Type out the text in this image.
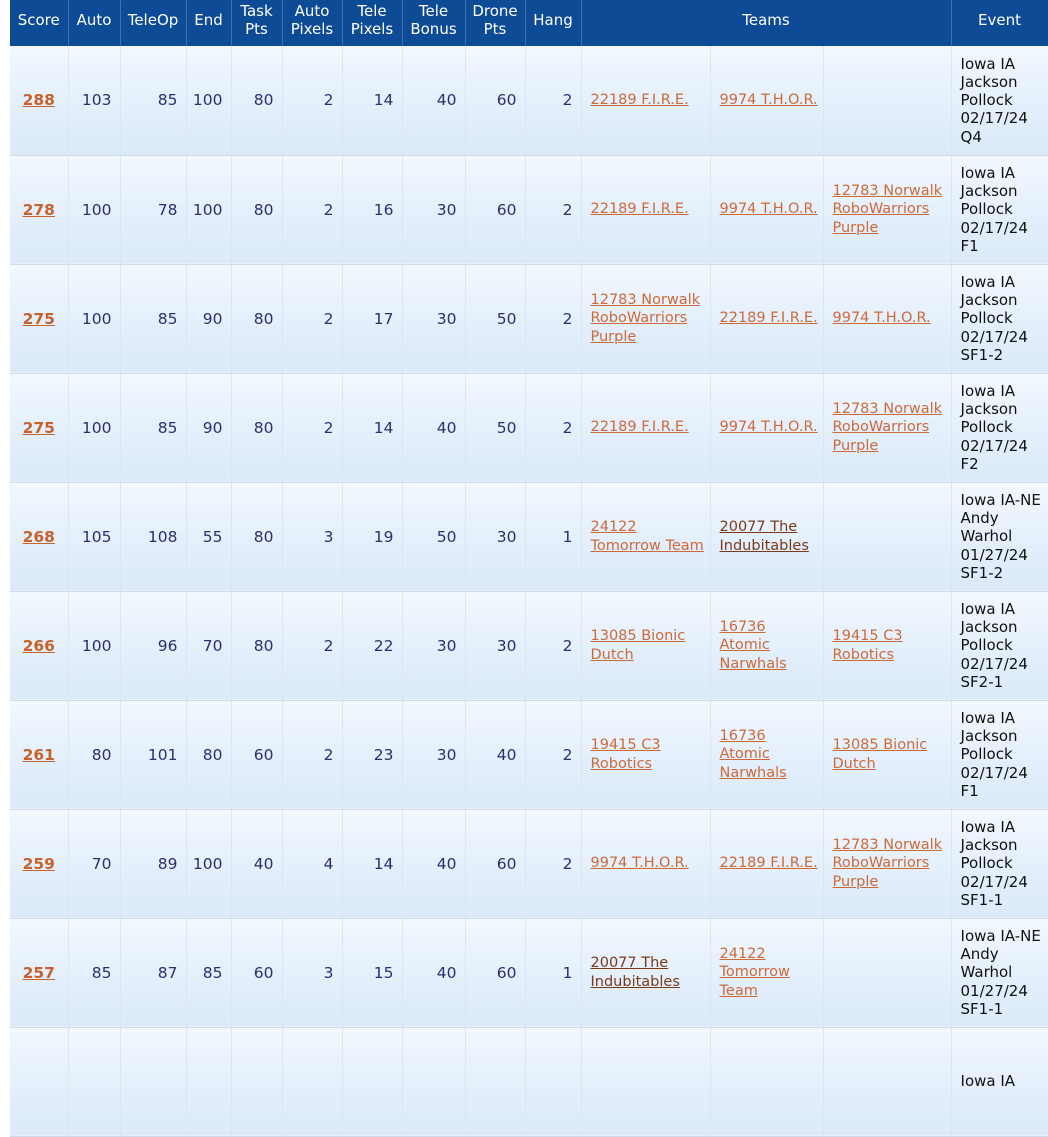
Score	Auto	TeleOp	End	Task Pts	Auto Pixels	Tele Pixels	Tele Bonus	Drone Pts	Hang	Teams			Event
288	103	85	100	80	2	14	40	60	2	22189 F.I.R.E.	9974 T.H.O.R.		Iowa IA
Jackson
Pollock
02/17/24
Q4
278	100	78	100	80	2	16	30	60	2	22189 F.I.R.E.	9974 T.H.O.R.	12783 Norwalk RoboWarriors Purple	Iowa IA
Jackson
Pollock
02/17/24
F1
275	100	85	90	80	2	17	30	50	2	12783 Norwalk RoboWarriors Purple	22189 F.I.R.E.	9974 T.H.O.R.	Iowa IA
Jackson
Pollock
02/17/24
SF1-2
275	100	85	90	80	2	14	40	50	2	22189 F.I.R.E.	9974 T.H.O.R.	12783 Norwalk RoboWarriors Purple	Iowa IA
Jackson
Pollock
02/17/24
F2
268	105	108	55	80	3	19	50	30	1	24122 Tomorrow Team	20077 The Indubitables		Iowa IA-NE
Andy
Warhol
01/27/24
SF1-2
266	100	96	70	80	2	22	30	30	2	13085 Bionic Dutch	16736 Atomic Narwhals	19415 C3 Robotics	Iowa IA
Jackson
Pollock
02/17/24
SF2-1
261	80	101	80	60	2	23	30	40	2	19415 C3 Robotics	16736 Atomic Narwhals	13085 Bionic Dutch	Iowa IA
Jackson
Pollock
02/17/24
F1
259	70	89	100	40	4	14	40	60	2	9974 T.H.O.R.	22189 F.I.R.E.	12783 Norwalk RoboWarriors Purple	Iowa IA
Jackson
Pollock
02/17/24
SF1-1
257	85	87	85	60	3	15	40	60	1	20077 The Indubitables	24122 Tomorrow Team		Iowa IA-NE
Andy
Warhol
01/27/24
SF1-1
													Iowa IA
